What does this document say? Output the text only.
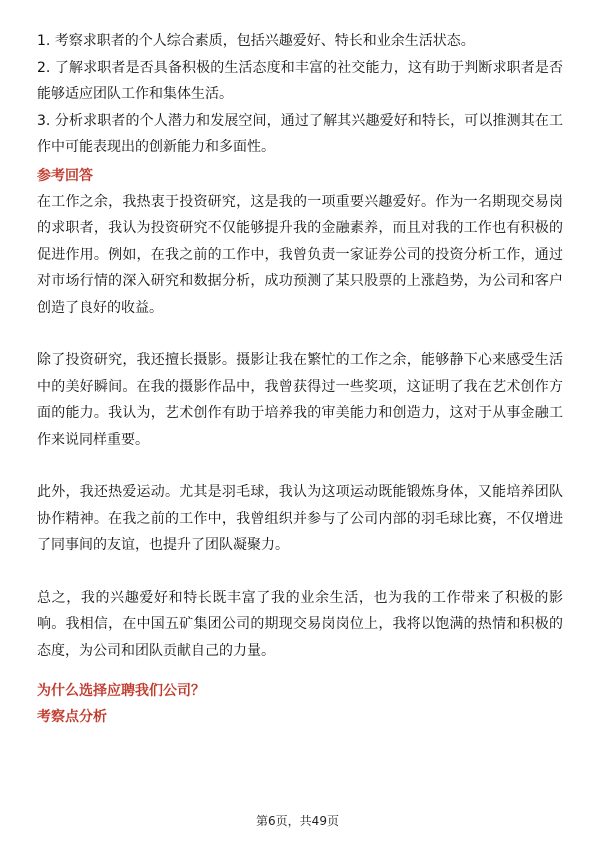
1. 考察求职者的个人综合素质，包括兴趣爱好、特长和业余生活状态。

2. 了解求职者是否具备积极的生活态度和丰富的社交能力，这有助于判断求职者是否能够适应团队工作和集体生活。

3. 分析求职者的个人潜力和发展空间，通过了解其兴趣爱好和特长，可以推测其在工作中可能表现出的创新能力和多面性。

参考回答

在工作之余，我热衷于投资研究，这是我的一项重要兴趣爱好。作为一名期现交易岗的求职者，我认为投资研究不仅能够提升我的金融素养，而且对我的工作也有积极的促进作用。例如，在我之前的工作中，我曾负责一家证券公司的投资分析工作，通过对市场行情的深入研究和数据分析，成功预测了某只股票的上涨趋势，为公司和客户创造了良好的收益。

除了投资研究，我还擅长摄影。摄影让我在繁忙的工作之余，能够静下心来感受生活中的美好瞬间。在我的摄影作品中，我曾获得过一些奖项，这证明了我在艺术创作方面的能力。我认为，艺术创作有助于培养我的审美能力和创造力，这对于从事金融工作来说同样重要。

此外，我还热爱运动。尤其是羽毛球，我认为这项运动既能锻炼身体，又能培养团队协作精神。在我之前的工作中，我曾组织并参与了公司内部的羽毛球比赛，不仅增进了同事间的友谊，也提升了团队凝聚力。

总之，我的兴趣爱好和特长既丰富了我的业余生活，也为我的工作带来了积极的影响。我相信，在中国五矿集团公司的期现交易岗岗位上，我将以饱满的热情和积极的态度，为公司和团队贡献自己的力量。

为什么选择应聘我们公司？
考察点分析
第6页，共49页
